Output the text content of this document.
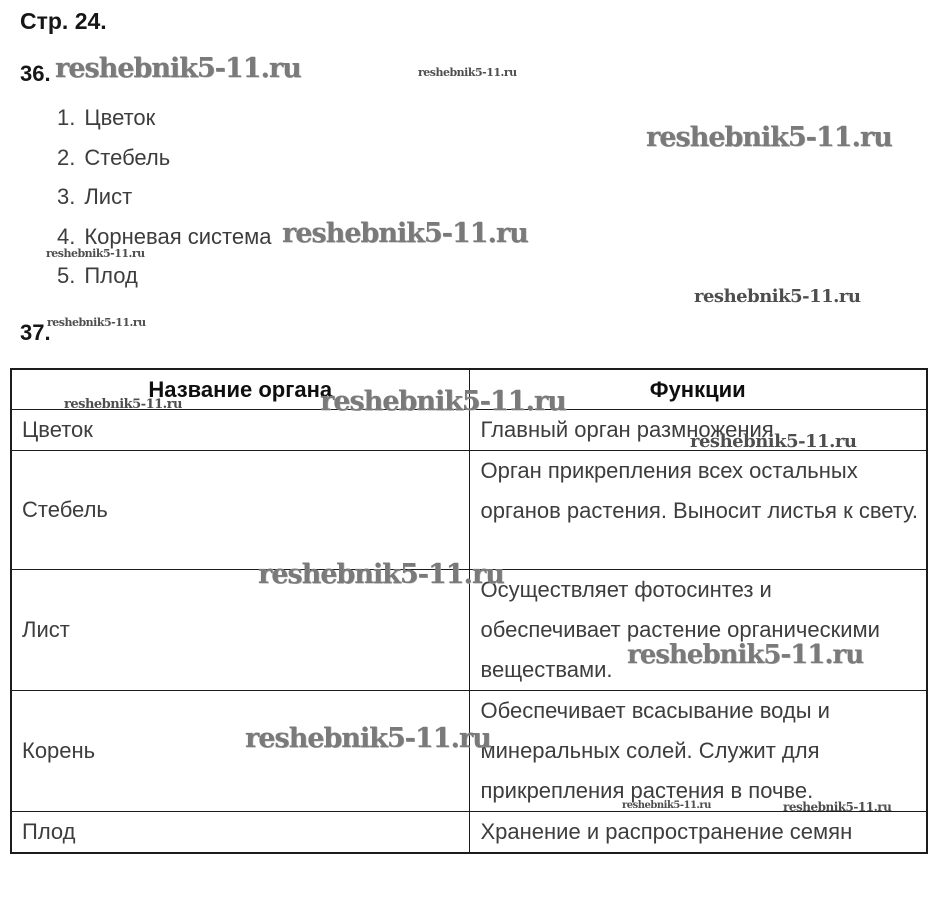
Стр. 24.
36.
1. Цветок
2. Стебель
3. Лист
4. Корневая система
5. Плод
37.
Название органа	Функции
Цветок	Главный орган размножения
Стебель	Орган прикрепления всех остальных органов растения. Выносит листья к свету.
Лист	Осуществляет фотосинтез и обеспечивает растение органическими веществами.
Корень	Обеспечивает всасывание воды и минеральных солей. Служит для прикрепления растения в почве.
Плод	Хранение и распространение семян
reshebnik5-11.ru	reshebnik5-11.ru
reshebnik5-11.ru
reshebnik5-11.ru
reshebnik5-11.ru
reshebnik5-11.ru
reshebnik5-11.ru
reshebnik5-11.ru
reshebnik5-11.ru
reshebnik5-11.ru
reshebnik5-11.ru
reshebnik5-11.ru
reshebnik5-11.ru
reshebnik5-11.ru	reshebnik5-11.ru
